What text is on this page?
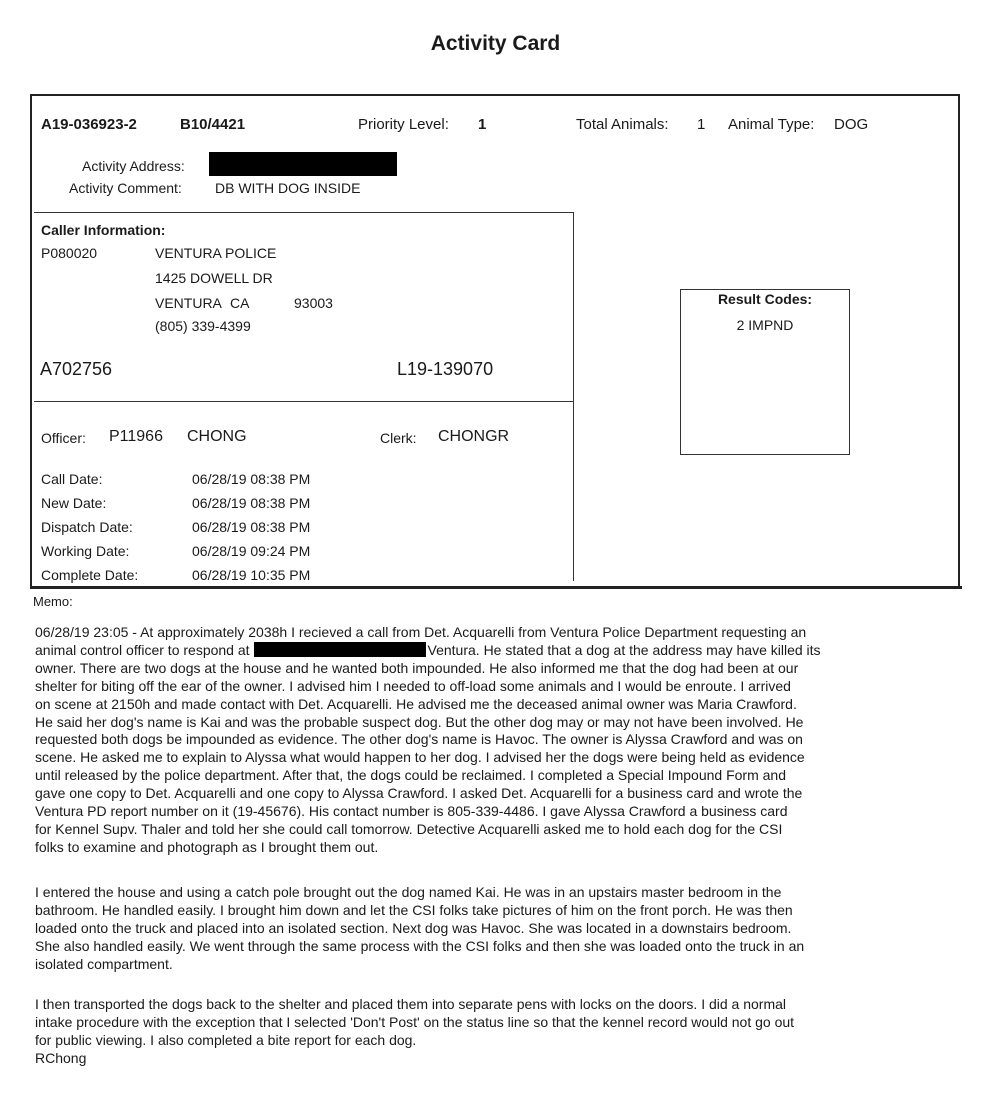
Activity Card
A19-036923-2	B10/4421	Priority Level: 1	Total Animals: 1 Animal Type: DOG
Activity Address:
Activity Comment: DB WITH DOG INSIDE
Caller Information:
P080020	VENTURA POLICE
1425 DOWELL DR
VENTURA CA	93003
(805) 339-4399
A702756	L19-139070
Officer: P11966 CHONG	Clerk: CHONGR
Call Date:	06/28/19 08:38 PM
New Date:	06/28/19 08:38 PM
Dispatch Date:	06/28/19 08:38 PM
Working Date:	06/28/19 09:24 PM
Complete Date:	06/28/19 10:35 PM
Result Codes:
2 IMPND
Memo:
06/28/19 23:05 - At approximately 2038h I recieved a call from Det. Acquarelli from Ventura Police Department requesting an
animal control officer to respond at	Ventura. He stated that a dog at the address may have killed its
owner. There are two dogs at the house and he wanted both impounded. He also informed me that the dog had been at our
shelter for biting off the ear of the owner. I advised him I needed to off-load some animals and I would be enroute. I arrived
on scene at 2150h and made contact with Det. Acquarelli. He advised me the deceased animal owner was Maria Crawford.
He said her dog's name is Kai and was the probable suspect dog. But the other dog may or may not have been involved. He
requested both dogs be impounded as evidence. The other dog's name is Havoc. The owner is Alyssa Crawford and was on
scene. He asked me to explain to Alyssa what would happen to her dog. I advised her the dogs were being held as evidence
until released by the police department. After that, the dogs could be reclaimed. I completed a Special Impound Form and
gave one copy to Det. Acquarelli and one copy to Alyssa Crawford. I asked Det. Acquarelli for a business card and wrote the
Ventura PD report number on it (19-45676). His contact number is 805-339-4486. I gave Alyssa Crawford a business card
for Kennel Supv. Thaler and told her she could call tomorrow. Detective Acquarelli asked me to hold each dog for the CSI
folks to examine and photograph as I brought them out.
I entered the house and using a catch pole brought out the dog named Kai. He was in an upstairs master bedroom in the
bathroom. He handled easily. I brought him down and let the CSI folks take pictures of him on the front porch. He was then
loaded onto the truck and placed into an isolated section. Next dog was Havoc. She was located in a downstairs bedroom.
She also handled easily. We went through the same process with the CSI folks and then she was loaded onto the truck in an
isolated compartment.
I then transported the dogs back to the shelter and placed them into separate pens with locks on the doors. I did a normal
intake procedure with the exception that I selected 'Don't Post' on the status line so that the kennel record would not go out
for public viewing. I also completed a bite report for each dog.
RChong
